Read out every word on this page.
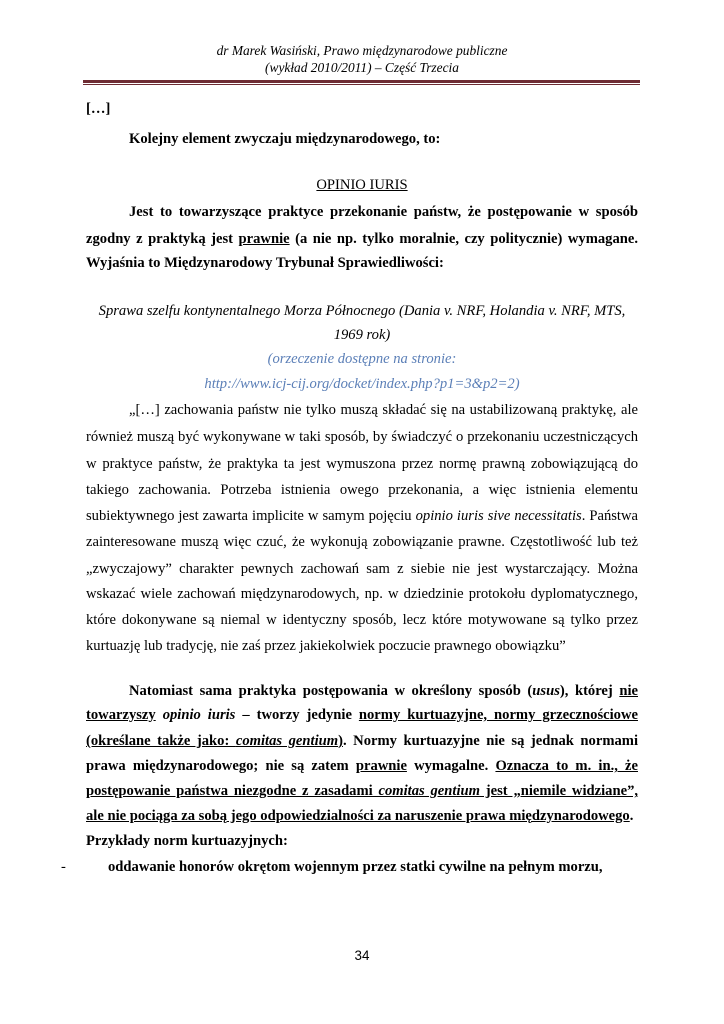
dr Marek Wasiński, Prawo międzynarodowe publiczne
(wykład 2010/2011) – Część Trzecia
[…]
Kolejny element zwyczaju międzynarodowego, to:
OPINIO IURIS
Jest to towarzyszące praktyce przekonanie państw, że postępowanie w sposób
zgodny z praktyką jest prawnie (a nie np. tylko moralnie, czy politycznie) wymagane.
Wyjaśnia to Międzynarodowy Trybunał Sprawiedliwości:
Sprawa szelfu kontynentalnego Morza Północnego (Dania v. NRF, Holandia v. NRF, MTS,
1969 rok)
(orzeczenie dostępne na stronie:
http://www.icj-cij.org/docket/index.php?p1=3&p2=2)
„[…] zachowania państw nie tylko muszą składać się na ustabilizowaną praktykę, ale
również muszą być wykonywane w taki sposób, by świadczyć o przekonaniu uczestniczących
w praktyce państw, że praktyka ta jest wymuszona przez normę prawną zobowiązującą do
takiego zachowania. Potrzeba istnienia owego przekonania, a więc istnienia elementu
subiektywnego jest zawarta implicite w samym pojęciu opinio iuris sive necessitatis. Państwa
zainteresowane muszą więc czuć, że wykonują zobowiązanie prawne. Częstotliwość lub też
„zwyczajowy” charakter pewnych zachowań sam z siebie nie jest wystarczający. Można
wskazać wiele zachowań międzynarodowych, np. w dziedzinie protokołu dyplomatycznego,
które dokonywane są niemal w identyczny sposób, lecz które motywowane są tylko przez
kurtuazję lub tradycję, nie zaś przez jakiekolwiek poczucie prawnego obowiązku”
Natomiast sama praktyka postępowania w określony sposób (usus), której nie
towarzyszy opinio iuris – tworzy jedynie normy kurtuazyjne, normy grzecznościowe
(określane także jako: comitas gentium). Normy kurtuazyjne nie są jednak normami
prawa międzynarodowego; nie są zatem prawnie wymagalne. Oznacza to m. in., że
postępowanie państwa niezgodne z zasadami comitas gentium jest „niemile widziane”,
ale nie pociąga za sobą jego odpowiedzialności za naruszenie prawa międzynarodowego.
Przykłady norm kurtuazyjnych:
-	oddawanie honorów okrętom wojennym przez statki cywilne na pełnym morzu,
34
